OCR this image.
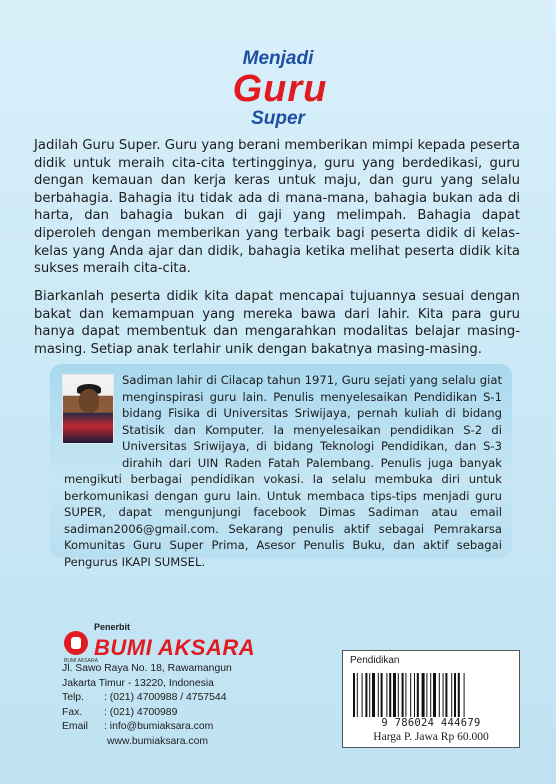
Menjadi
Guru
Super
Jadilah Guru Super. Guru yang berani memberikan mimpi kepada peserta didik untuk meraih cita-cita tertingginya, guru yang berdedikasi, guru dengan kemauan dan kerja keras untuk maju, dan guru yang selalu berbahagia. Bahagia itu tidak ada di mana-mana, bahagia bukan ada di harta, dan bahagia bukan di gaji yang melimpah. Bahagia dapat diperoleh dengan memberikan yang terbaik bagi peserta didik di kelas-kelas yang Anda ajar dan didik, bahagia ketika melihat peserta didik kita sukses meraih cita-cita.
Biarkanlah peserta didik kita dapat mencapai tujuannya sesuai dengan bakat dan kemampuan yang mereka bawa dari lahir. Kita para guru hanya dapat membentuk dan mengarahkan modalitas belajar masing-masing. Setiap anak terlahir unik dengan bakatnya masing-masing.
Sadiman lahir di Cilacap tahun 1971, Guru sejati yang selalu giat menginspirasi guru lain. Penulis menyelesaikan Pendidikan S-1 bidang Fisika di Universitas Sriwijaya, pernah kuliah di bidang Statisik dan Komputer. Ia menyelesaikan pendidikan S-2 di Universitas Sriwijaya, di bidang Teknologi Pendidikan, dan S-3 dirahih dari UIN Raden Fatah Palembang. Penulis juga banyak mengikuti berbagai pendidikan vokasi. Ia selalu membuka diri untuk berkomunikasi dengan guru lain. Untuk membaca tips-tips menjadi guru SUPER, dapat mengunjungi facebook Dimas Sadiman atau email sadiman2006@gmail.com. Sekarang penulis aktif sebagai Pemrakarsa Komunitas Guru Super Prima, Asesor Penulis Buku, dan aktif sebagai Pengurus IKAPI SUMSEL.
Penerbit
BUMI AKSARA
BUMI AKSARA
Jl. Sawo Raya No. 18, Rawamangun
Jakarta Timur - 13220, Indonesia
Telp. : (021) 4700988 / 4757544
Fax. : (021) 4700989
Email : info@bumiaksara.com
www.bumiaksara.com
Pendidikan
9 786024 444679
Harga P. Jawa Rp 60.000
